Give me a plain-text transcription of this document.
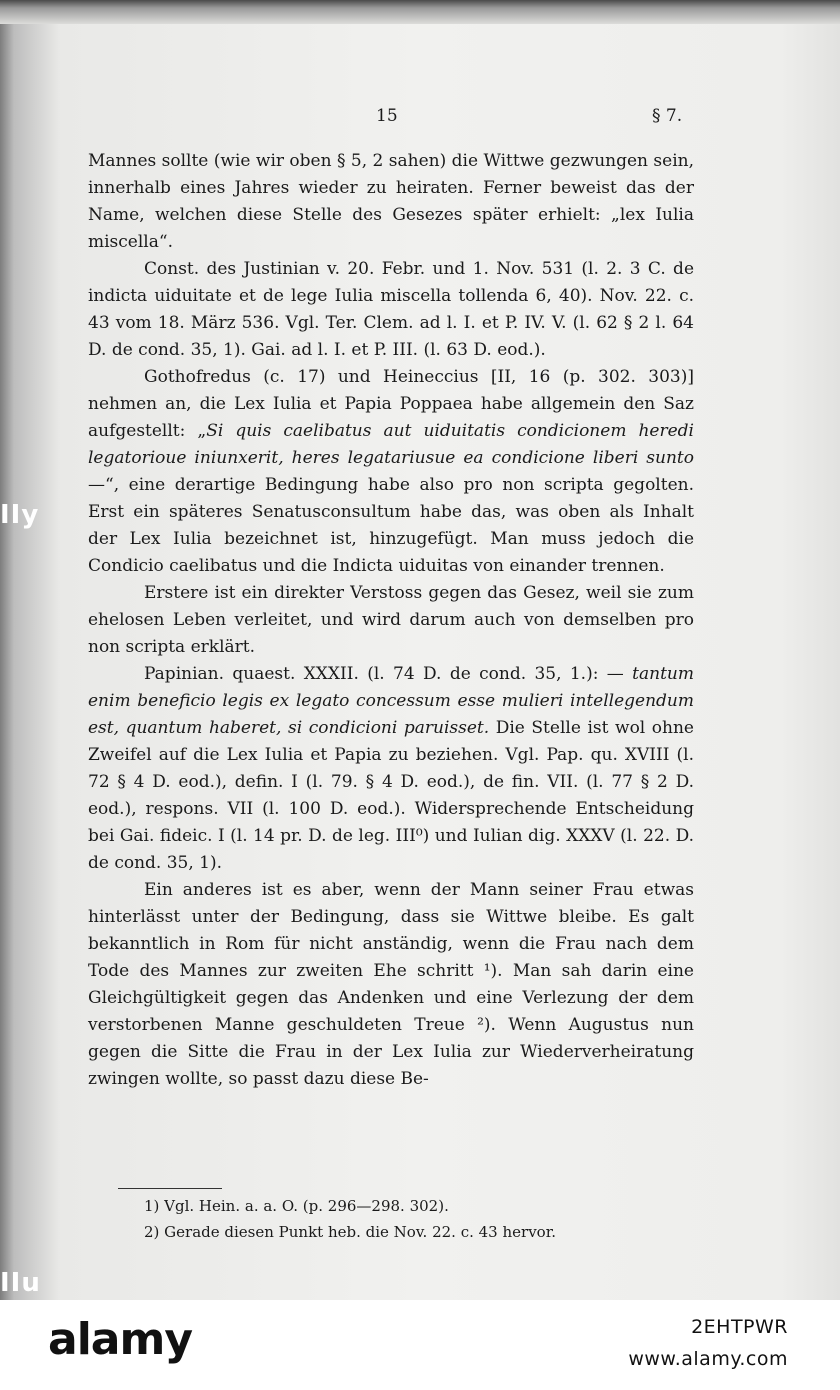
15	§ 7.

Mannes sollte (wie wir oben § 5, 2 sahen) die Wittwe gezwungen sein, innerhalb eines Jahres wieder zu heiraten. Ferner beweist das der Name, welchen diese Stelle des Gesezes später erhielt: „lex Iulia miscella“.

Const. des Justinian v. 20. Febr. und 1. Nov. 531 (l. 2. 3 C. de indicta uiduitate et de lege Iulia miscella tollenda 6, 40). Nov. 22. c. 43 vom 18. März 536. Vgl. Ter. Clem. ad l. I. et P. IV. V. (l. 62 § 2 l. 64 D. de cond. 35, 1). Gai. ad l. I. et P. III. (l. 63 D. eod.).

Gothofredus (c. 17) und Heineccius [II, 16 (p. 302. 303)] nehmen an, die Lex Iulia et Papia Poppaea habe allgemein den Saz aufgestellt: „Si quis caelibatus aut uiduitatis condicionem heredi legatorioue iniunxerit, heres legatariusue ea condicione liberi sunto —“, eine derartige Bedingung habe also pro non scripta gegolten. Erst ein späteres Senatusconsultum habe das, was oben als Inhalt der Lex Iulia bezeichnet ist, hinzugefügt. Man muss jedoch die Condicio caelibatus und die Indicta uiduitas von einander trennen.

Erstere ist ein direkter Verstoss gegen das Gesez, weil sie zum ehelosen Leben verleitet, und wird darum auch von demselben pro non scripta erklärt.

Papinian. quaest. XXXII. (l. 74 D. de cond. 35, 1.): — tantum enim beneficio legis ex legato concessum esse mulieri intellegendum est, quantum haberet, si condicioni paruisset. Die Stelle ist wol ohne Zweifel auf die Lex Iulia et Papia zu beziehen. Vgl. Pap. qu. XVIII (l. 72 § 4 D. eod.), defin. I (l. 79. § 4 D. eod.), de fin. VII. (l. 77 § 2 D. eod.), respons. VII (l. 100 D. eod.). Widersprechende Entscheidung bei Gai. fideic. I (l. 14 pr. D. de leg. III⁰) und Iulian dig. XXXV (l. 22. D. de cond. 35, 1).

Ein anderes ist es aber, wenn der Mann seiner Frau etwas hinterlässt unter der Bedingung, dass sie Wittwe bleibe. Es galt bekanntlich in Rom für nicht anständig, wenn die Frau nach dem Tode des Mannes zur zweiten Ehe schritt ¹). Man sah darin eine Gleichgültigkeit gegen das Andenken und eine Verlezung der dem verstorbenen Manne geschuldeten Treue ²). Wenn Augustus nun gegen die Sitte die Frau in der Lex Iulia zur Wiederverheiratung zwingen wollte, so passt dazu diese Be-

1) Vgl. Hein. a. a. O. (p. 296—298. 302).
2) Gerade diesen Punkt heb. die Nov. 22. c. 43 hervor.
IIy
IIu
alamy	2EHTPWR
www.alamy.com
